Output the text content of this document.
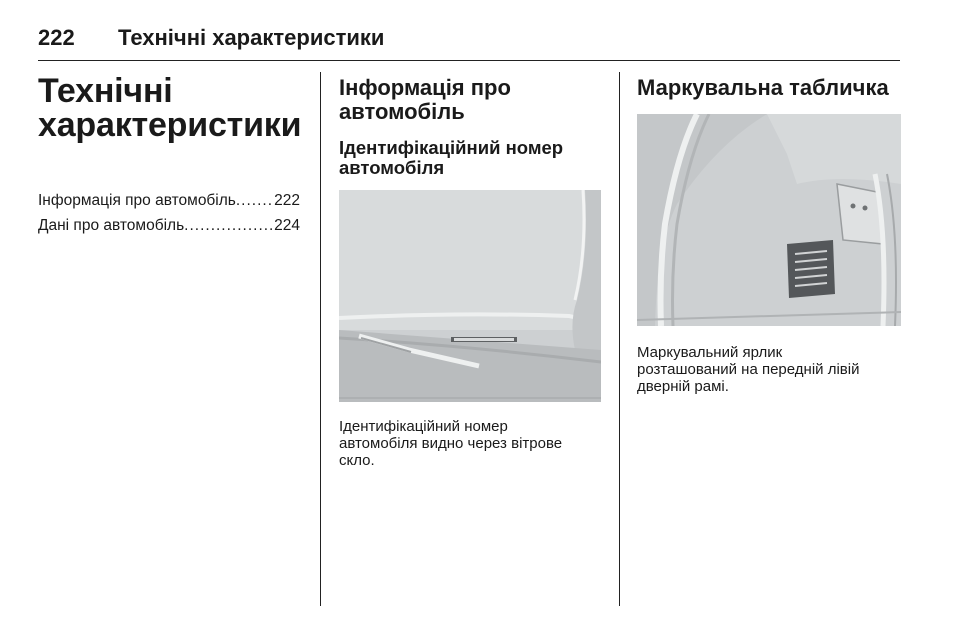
222	Технічні характеристики
Технічні
характеристики
Інформація про автомобіль ..... 222
Дані про автомобіль .....	224
Інформація про
автомобіль
Ідентифікаційний номер
автомобіля

Ідентифікаційний номер
автомобіля видно через вітрове
скло.

Маркувальна табличка

Маркувальний ярлик
розташований на передній лівій
дверній рамі.
